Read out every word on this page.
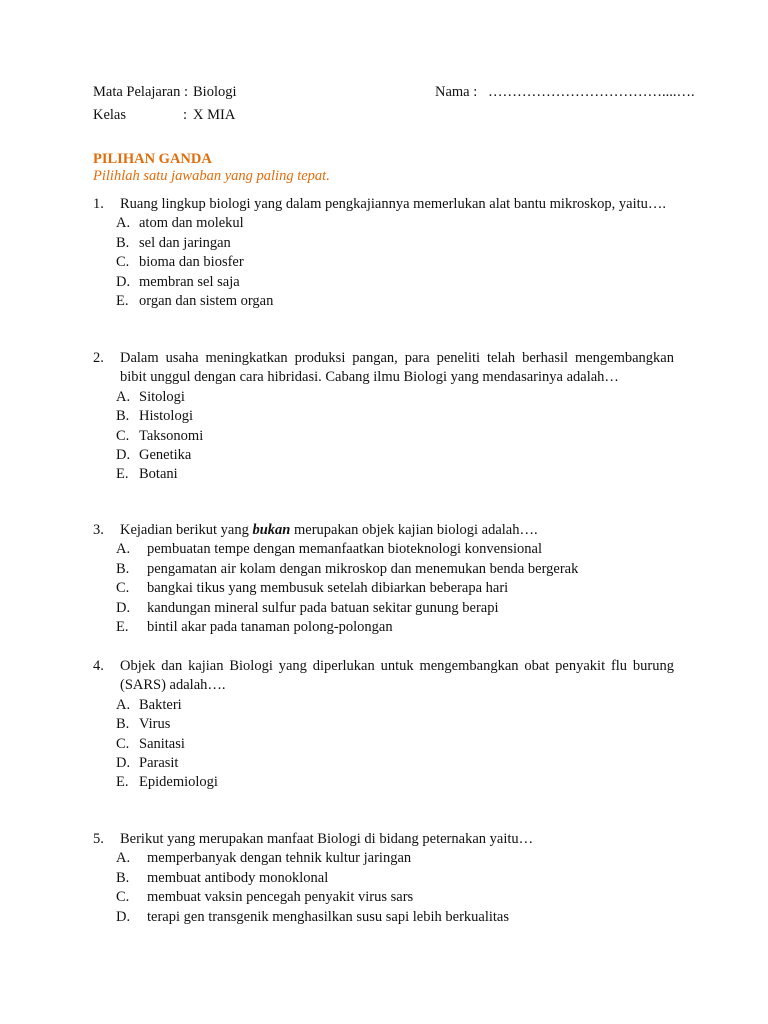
Mata Pelajaran : Biologi	Nama : ………………………………....….
Kelas	: X MIA
PILIHAN GANDA
Pilihlah satu jawaban yang paling tepat.
1.	Ruang lingkup biologi yang dalam pengkajiannya memerlukan alat bantu mikroskop, yaitu….
A. atom dan molekul
B. sel dan jaringan
C. bioma dan biosfer
D. membran sel saja
E. organ dan sistem organ
2.	Dalam usaha meningkatkan produksi pangan, para peneliti telah berhasil mengembangkan bibit unggul dengan cara hibridasi. Cabang ilmu Biologi yang mendasarinya adalah…
A. Sitologi
B. Histologi
C. Taksonomi
D. Genetika
E. Botani
3.	Kejadian berikut yang bukan merupakan objek kajian biologi adalah….
A.	pembuatan tempe dengan memanfaatkan bioteknologi konvensional
B.	pengamatan air kolam dengan mikroskop dan menemukan benda bergerak
C.	bangkai tikus yang membusuk setelah dibiarkan beberapa hari
D.	kandungan mineral sulfur pada batuan sekitar gunung berapi
E.	bintil akar pada tanaman polong-polongan
4.	Objek dan kajian Biologi yang diperlukan untuk mengembangkan obat penyakit flu burung (SARS) adalah….
A. Bakteri
B. Virus
C. Sanitasi
D. Parasit
E. Epidemiologi
5.	Berikut yang merupakan manfaat Biologi di bidang peternakan yaitu…
A.	memperbanyak dengan tehnik kultur jaringan
B.	membuat antibody monoklonal
C.	membuat vaksin pencegah penyakit virus sars
D.	terapi gen transgenik menghasilkan susu sapi lebih berkualitas
